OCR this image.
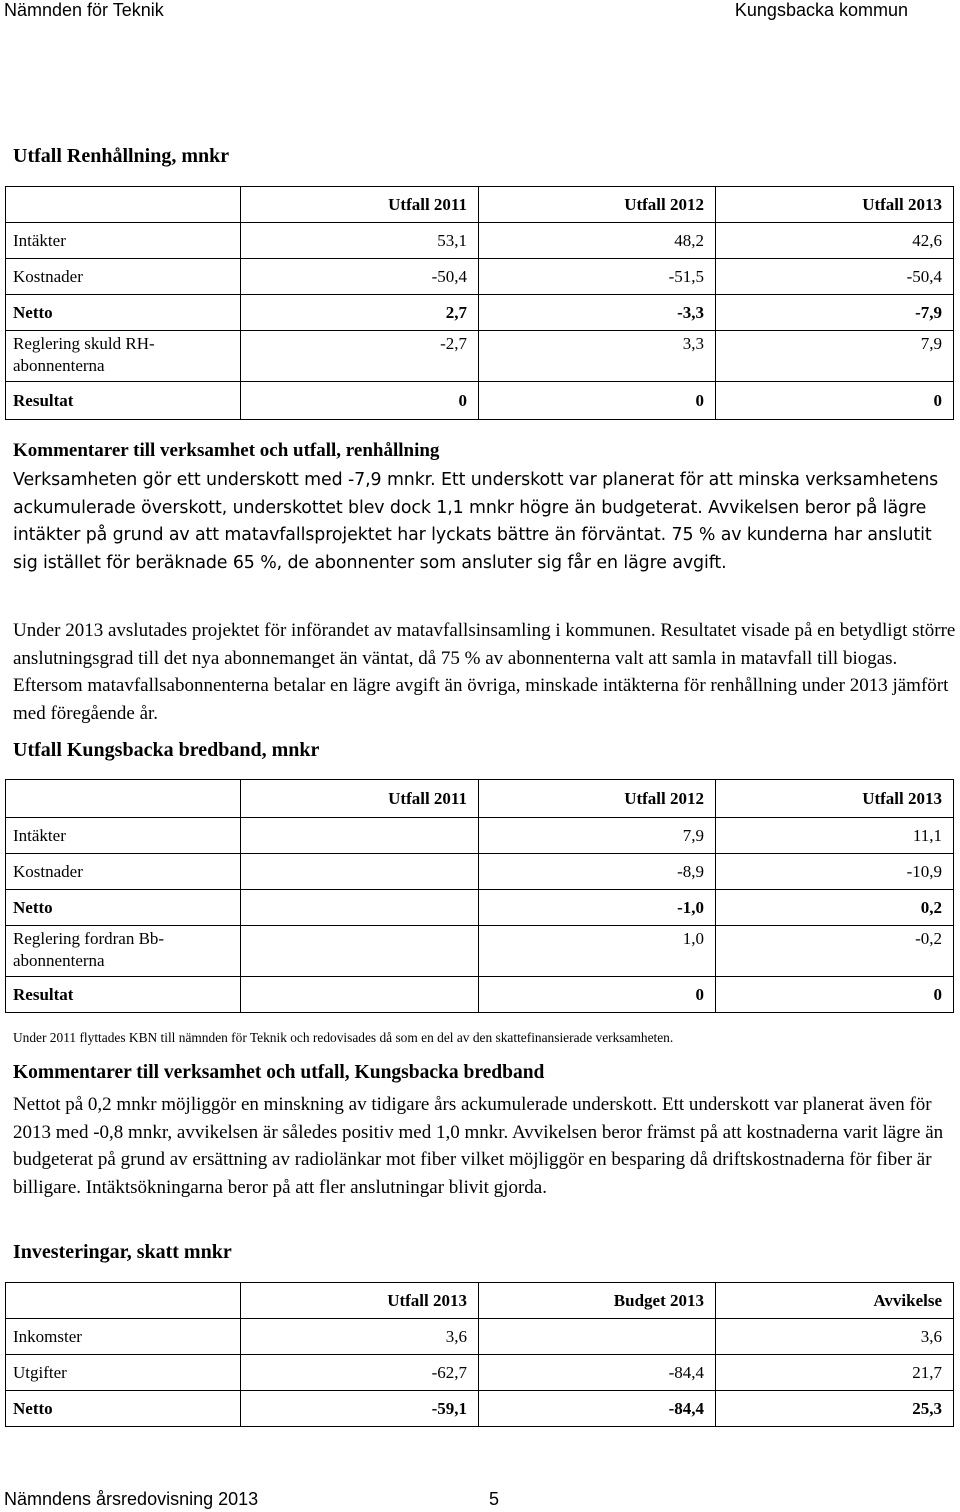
Nämnden för Teknik	Kungsbacka kommun
Utfall Renhållning, mnkr
	Utfall 2011	Utfall 2012	Utfall 2013
Intäkter	53,1	48,2	42,6
Kostnader	-50,4	-51,5	-50,4
Netto	2,7	-3,3	-7,9
Reglering skuld RH-abonnenterna	-2,7	3,3	7,9
Resultat	0	0	0
Kommentarer till verksamhet och utfall, renhållning
Verksamheten gör ett underskott med -7,9 mnkr. Ett underskott var planerat för att minska verksamhetens ackumulerade överskott, underskottet blev dock 1,1 mnkr högre än budgeterat. Avvikelsen beror på lägre intäkter på grund av att matavfallsprojektet har lyckats bättre än förväntat. 75 % av kunderna har anslutit sig istället för beräknade 65 %, de abonnenter som ansluter sig får en lägre avgift.
Under 2013 avslutades projektet för införandet av matavfallsinsamling i kommunen. Resultatet visade på en betydligt större anslutningsgrad till det nya abonnemanget än väntat, då 75 % av abonnenterna valt att samla in matavfall till biogas. Eftersom matavfallsabonnenterna betalar en lägre avgift än övriga, minskade intäkterna för renhållning under 2013 jämfört med föregående år.
Utfall Kungsbacka bredband, mnkr
	Utfall 2011	Utfall 2012	Utfall 2013
Intäkter		7,9	11,1
Kostnader		-8,9	-10,9
Netto		-1,0	0,2
Reglering fordran Bb-abonnenterna		1,0	-0,2
Resultat		0	0
Under 2011 flyttades KBN till nämnden för Teknik och redovisades då som en del av den skattefinansierade verksamheten.
Kommentarer till verksamhet och utfall, Kungsbacka bredband
Nettot på 0,2 mnkr möjliggör en minskning av tidigare års ackumulerade underskott. Ett underskott var planerat även för 2013 med -0,8 mnkr, avvikelsen är således positiv med 1,0 mnkr. Avvikelsen beror främst på att kostnaderna varit lägre än budgeterat på grund av ersättning av radiolänkar mot fiber vilket möjliggör en besparing då driftskostnaderna för fiber är billigare. Intäktsökningarna beror på att fler anslutningar blivit gjorda.
Investeringar, skatt mnkr
	Utfall 2013	Budget 2013	Avvikelse
Inkomster	3,6		3,6
Utgifter	-62,7	-84,4	21,7
Netto	-59,1	-84,4	25,3
Nämndens årsredovisning 2013	5
